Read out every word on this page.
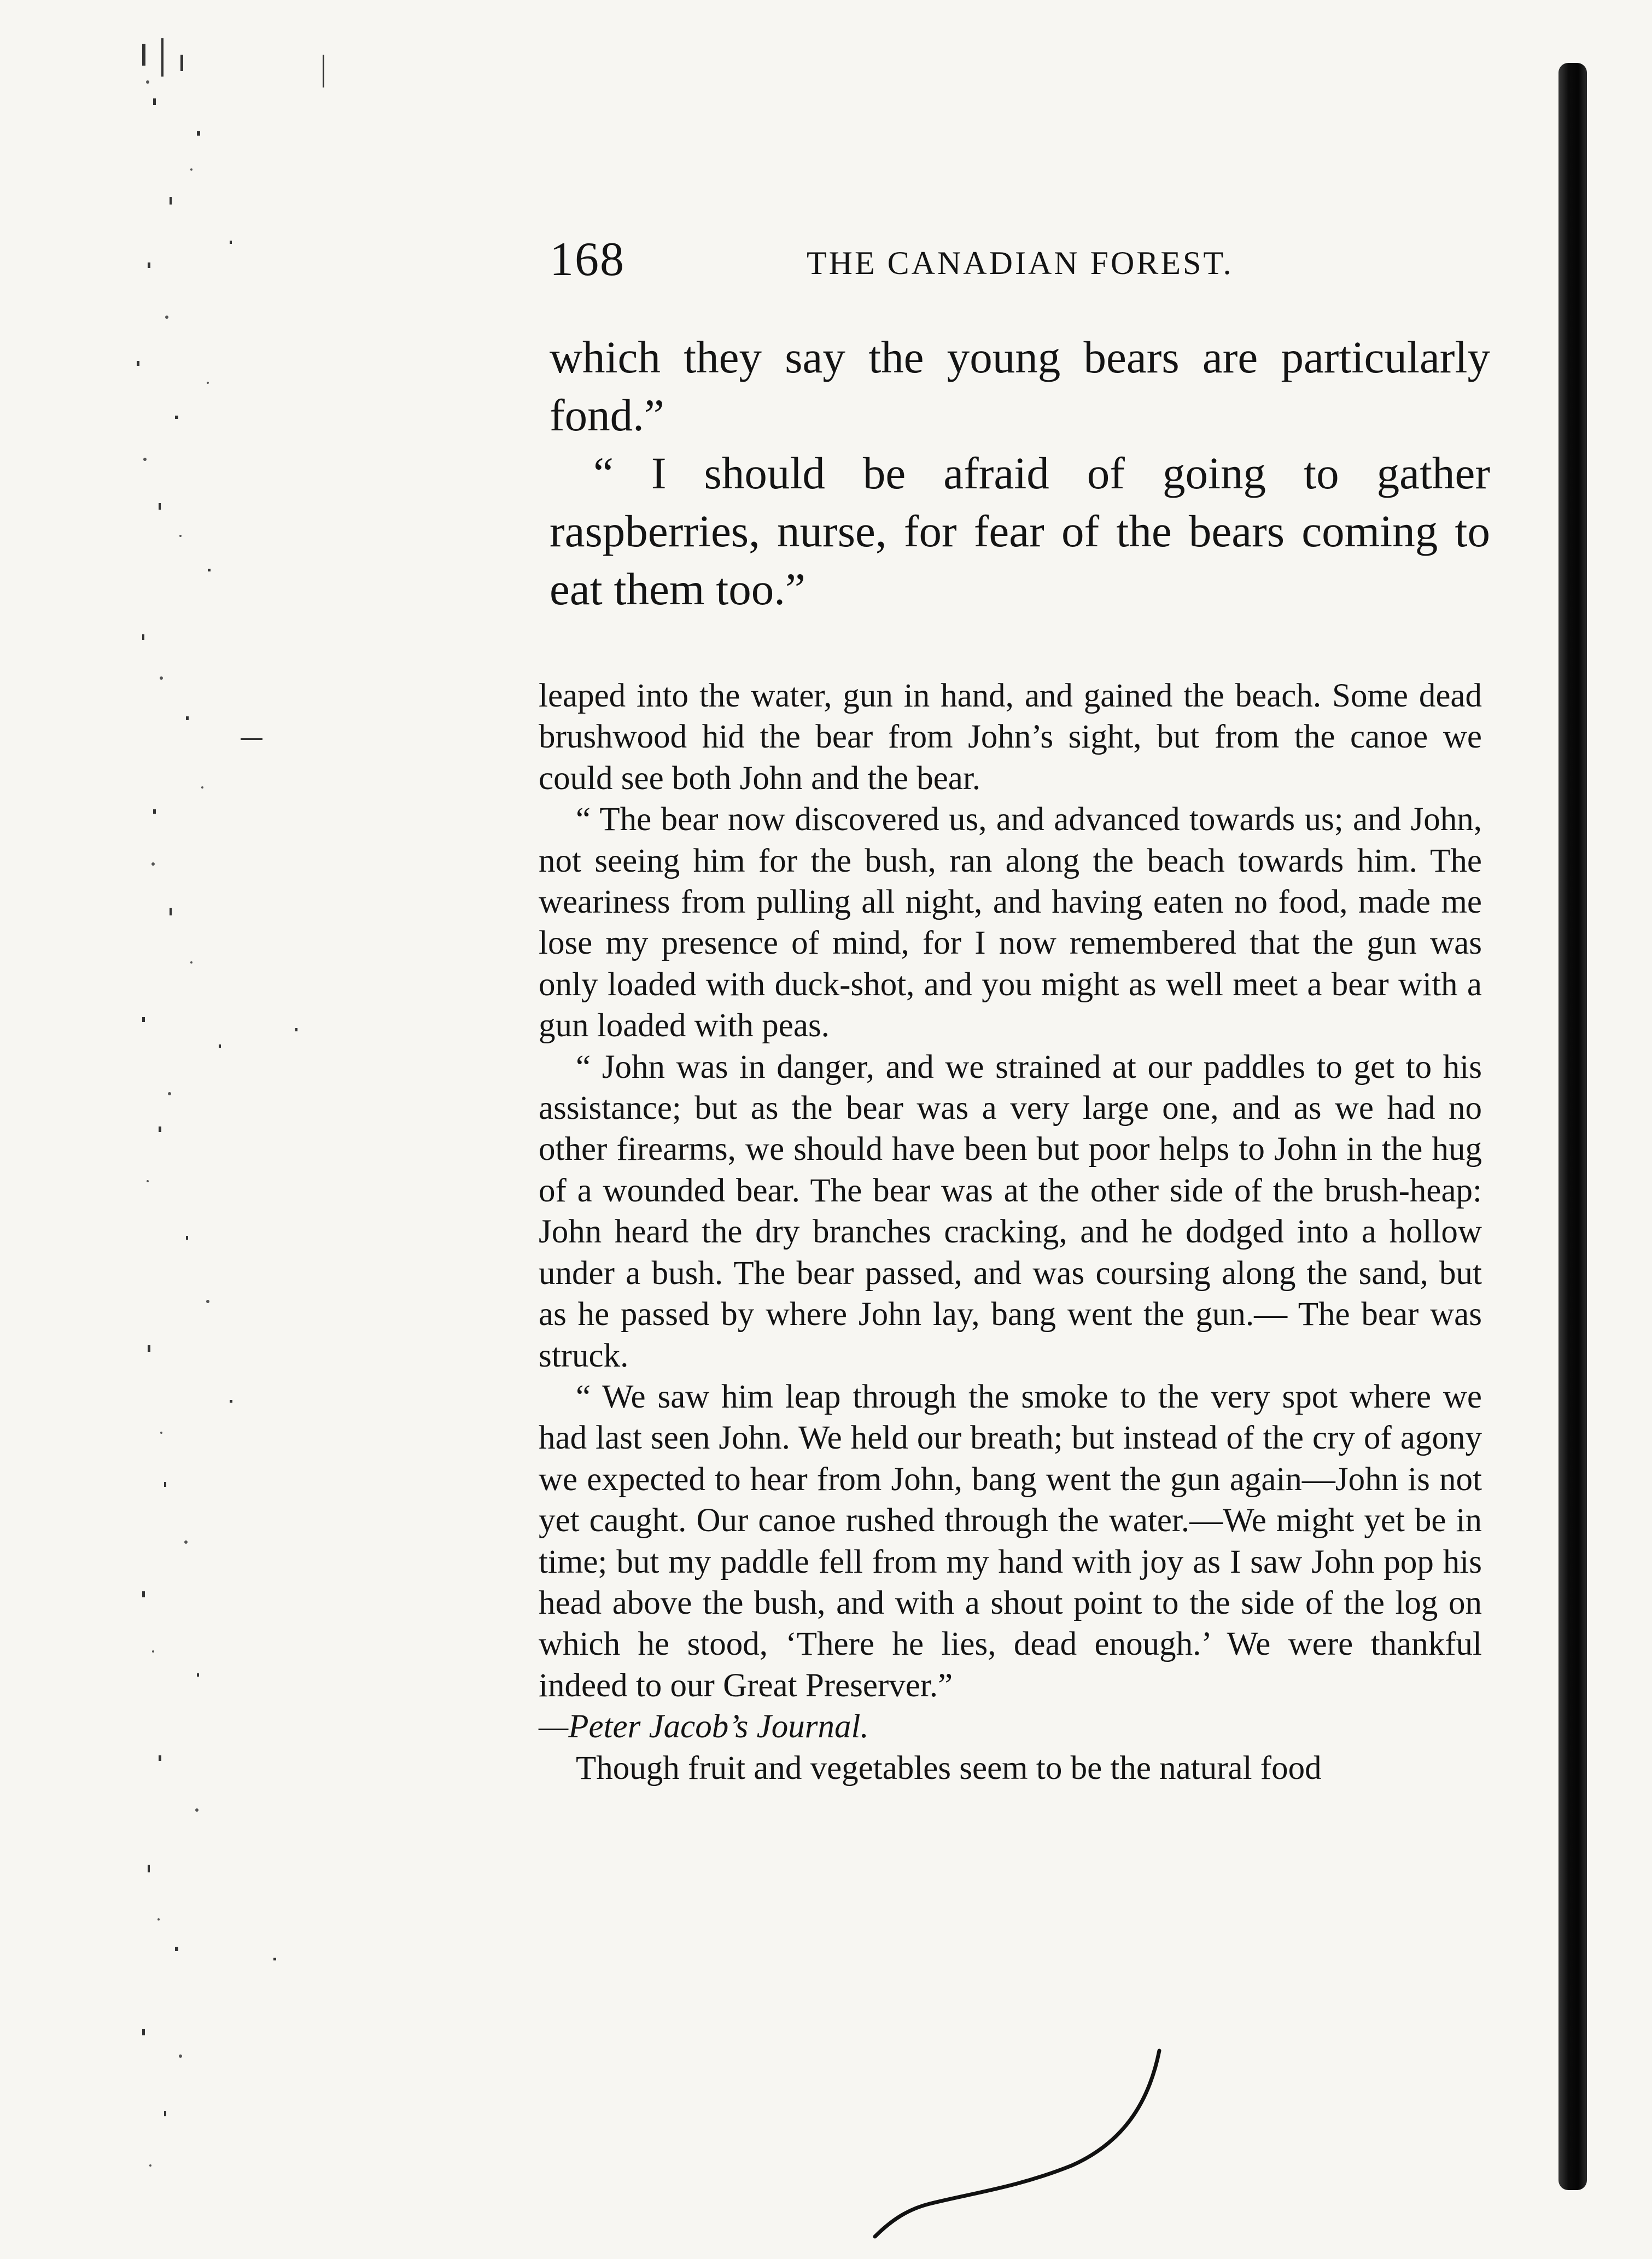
168	THE CANADIAN FOREST.

which they say the young bears are particularly fond.”

“ I should be afraid of going to gather raspberries, nurse, for fear of the bears coming to eat them too.”

leaped into the water, gun in hand, and gained the beach. Some dead brushwood hid the bear from John’s sight, but from the canoe we could see both John and the bear.

“ The bear now discovered us, and advanced towards us; and John, not seeing him for the bush, ran along the beach towards him. The weariness from pulling all night, and having eaten no food, made me lose my presence of mind, for I now remembered that the gun was only loaded with duck-shot, and you might as well meet a bear with a gun loaded with peas.

“ John was in danger, and we strained at our paddles to get to his assistance; but as the bear was a very large one, and as we had no other firearms, we should have been but poor helps to John in the hug of a wounded bear. The bear was at the other side of the brush-heap: John heard the dry branches cracking, and he dodged into a hollow under a bush. The bear passed, and was coursing along the sand, but as he passed by where John lay, bang went the gun.— The bear was struck.

“ We saw him leap through the smoke to the very spot where we had last seen John. We held our breath; but instead of the cry of agony we expected to hear from John, bang went the gun again—John is not yet caught. Our canoe rushed through the water.—We might yet be in time; but my paddle fell from my hand with joy as I saw John pop his head above the bush, and with a shout point to the side of the log on which he stood, ‘There he lies, dead enough.’ We were thankful indeed to our Great Preserver.”

—Peter Jacob’s Journal.

Though fruit and vegetables seem to be the natural food
